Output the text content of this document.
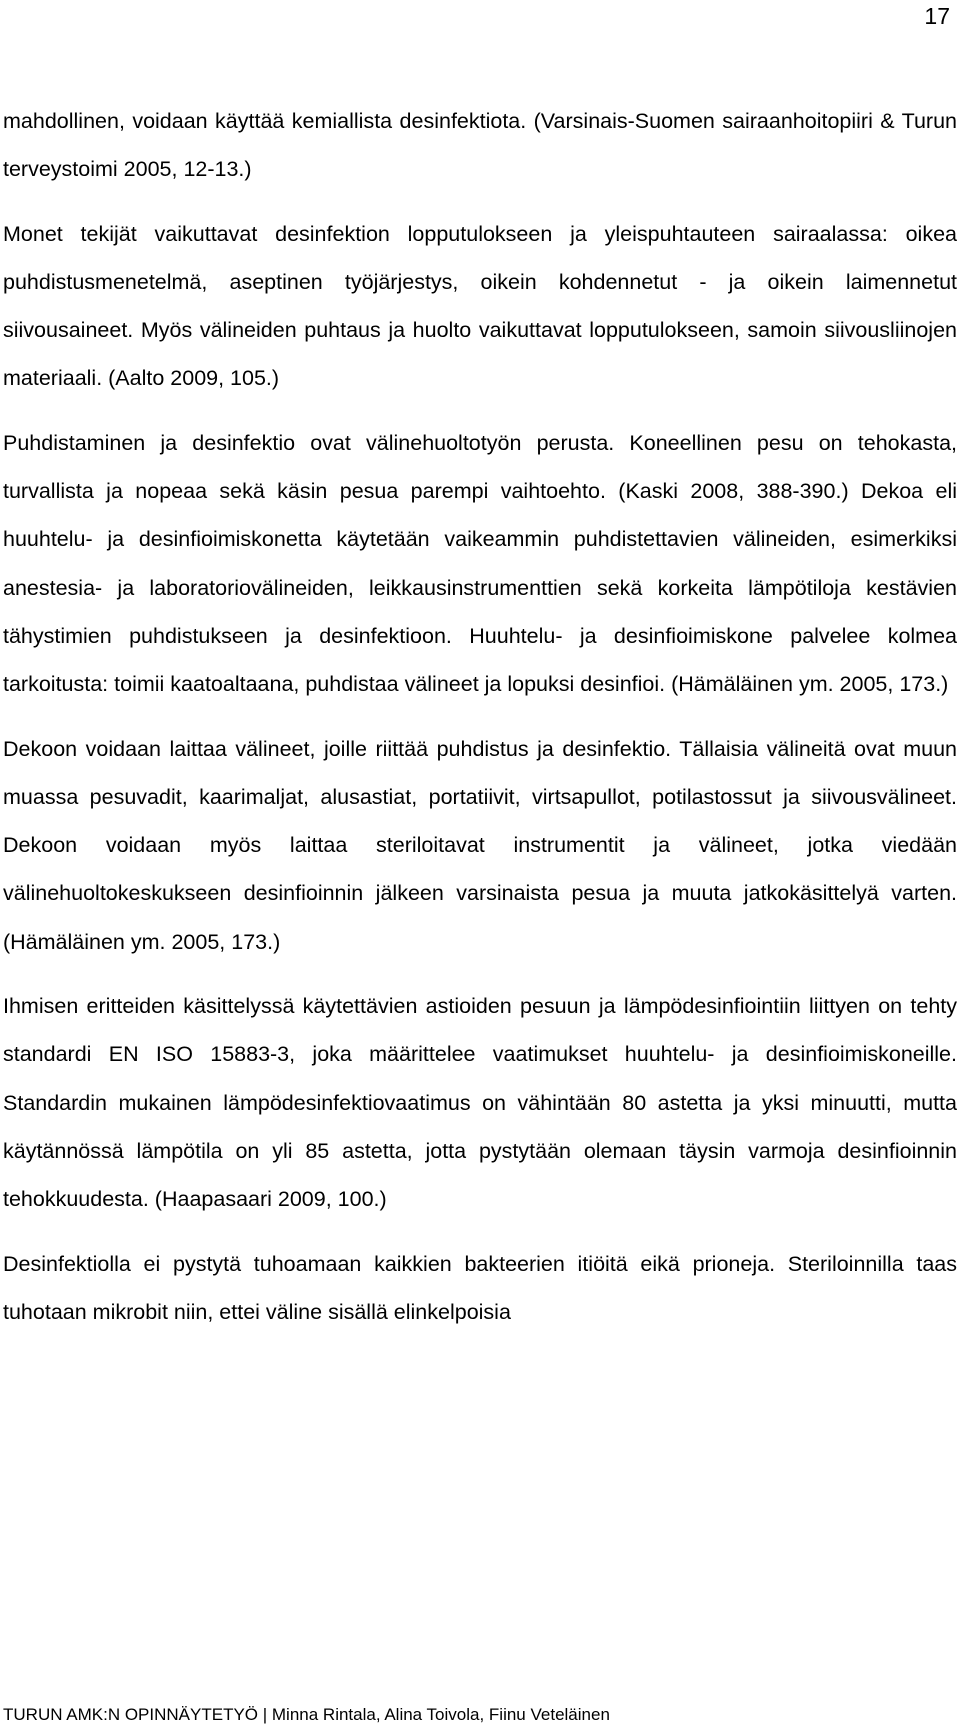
17

mahdollinen, voidaan käyttää kemiallista desinfektiota. (Varsinais-Suomen sairaanhoitopiiri & Turun terveystoimi 2005, 12-13.)

Monet tekijät vaikuttavat desinfektion lopputulokseen ja yleispuhtauteen sairaalassa: oikea puhdistusmenetelmä, aseptinen työjärjestys, oikein kohdennetut - ja oikein laimennetut siivousaineet. Myös välineiden puhtaus ja huolto vaikuttavat lopputulokseen, samoin siivousliinojen materiaali. (Aalto 2009, 105.)

Puhdistaminen ja desinfektio ovat välinehuoltotyön perusta. Koneellinen pesu on tehokasta, turvallista ja nopeaa sekä käsin pesua parempi vaihtoehto. (Kaski 2008, 388-390.) Dekoa eli huuhtelu- ja desinfioimiskonetta käytetään vaikeammin puhdistettavien välineiden, esimerkiksi anestesia- ja laboratoriovälineiden, leikkausinstrumenttien sekä korkeita lämpötiloja kestävien tähystimien puhdistukseen ja desinfektioon. Huuhtelu- ja desinfioimiskone palvelee kolmea tarkoitusta: toimii kaatoaltaana, puhdistaa välineet ja lopuksi desinfioi. (Hämäläinen ym. 2005, 173.)

Dekoon voidaan laittaa välineet, joille riittää puhdistus ja desinfektio. Tällaisia välineitä ovat muun muassa pesuvadit, kaarimaljat, alusastiat, portatiivit, virtsapullot, potilastossut ja siivousvälineet. Dekoon voidaan myös laittaa steriloitavat instrumentit ja välineet, jotka viedään välinehuoltokeskukseen desinfioinnin jälkeen varsinaista pesua ja muuta jatkokäsittelyä varten. (Hämäläinen ym. 2005, 173.)

Ihmisen eritteiden käsittelyssä käytettävien astioiden pesuun ja lämpödesinfiointiin liittyen on tehty standardi EN ISO 15883-3, joka määrittelee vaatimukset huuhtelu- ja desinfioimiskoneille. Standardin mukainen lämpödesinfektiovaatimus on vähintään 80 astetta ja yksi minuutti, mutta käytännössä lämpötila on yli 85 astetta, jotta pystytään olemaan täysin varmoja desinfioinnin tehokkuudesta. (Haapasaari 2009, 100.)

Desinfektiolla ei pystytä tuhoamaan kaikkien bakteerien itiöitä eikä prioneja. Steriloinnilla taas tuhotaan mikrobit niin, ettei väline sisällä elinkelpoisia

TURUN AMK:N OPINNÄYTETYÖ | Minna Rintala, Alina Toivola, Fiinu Veteläinen
